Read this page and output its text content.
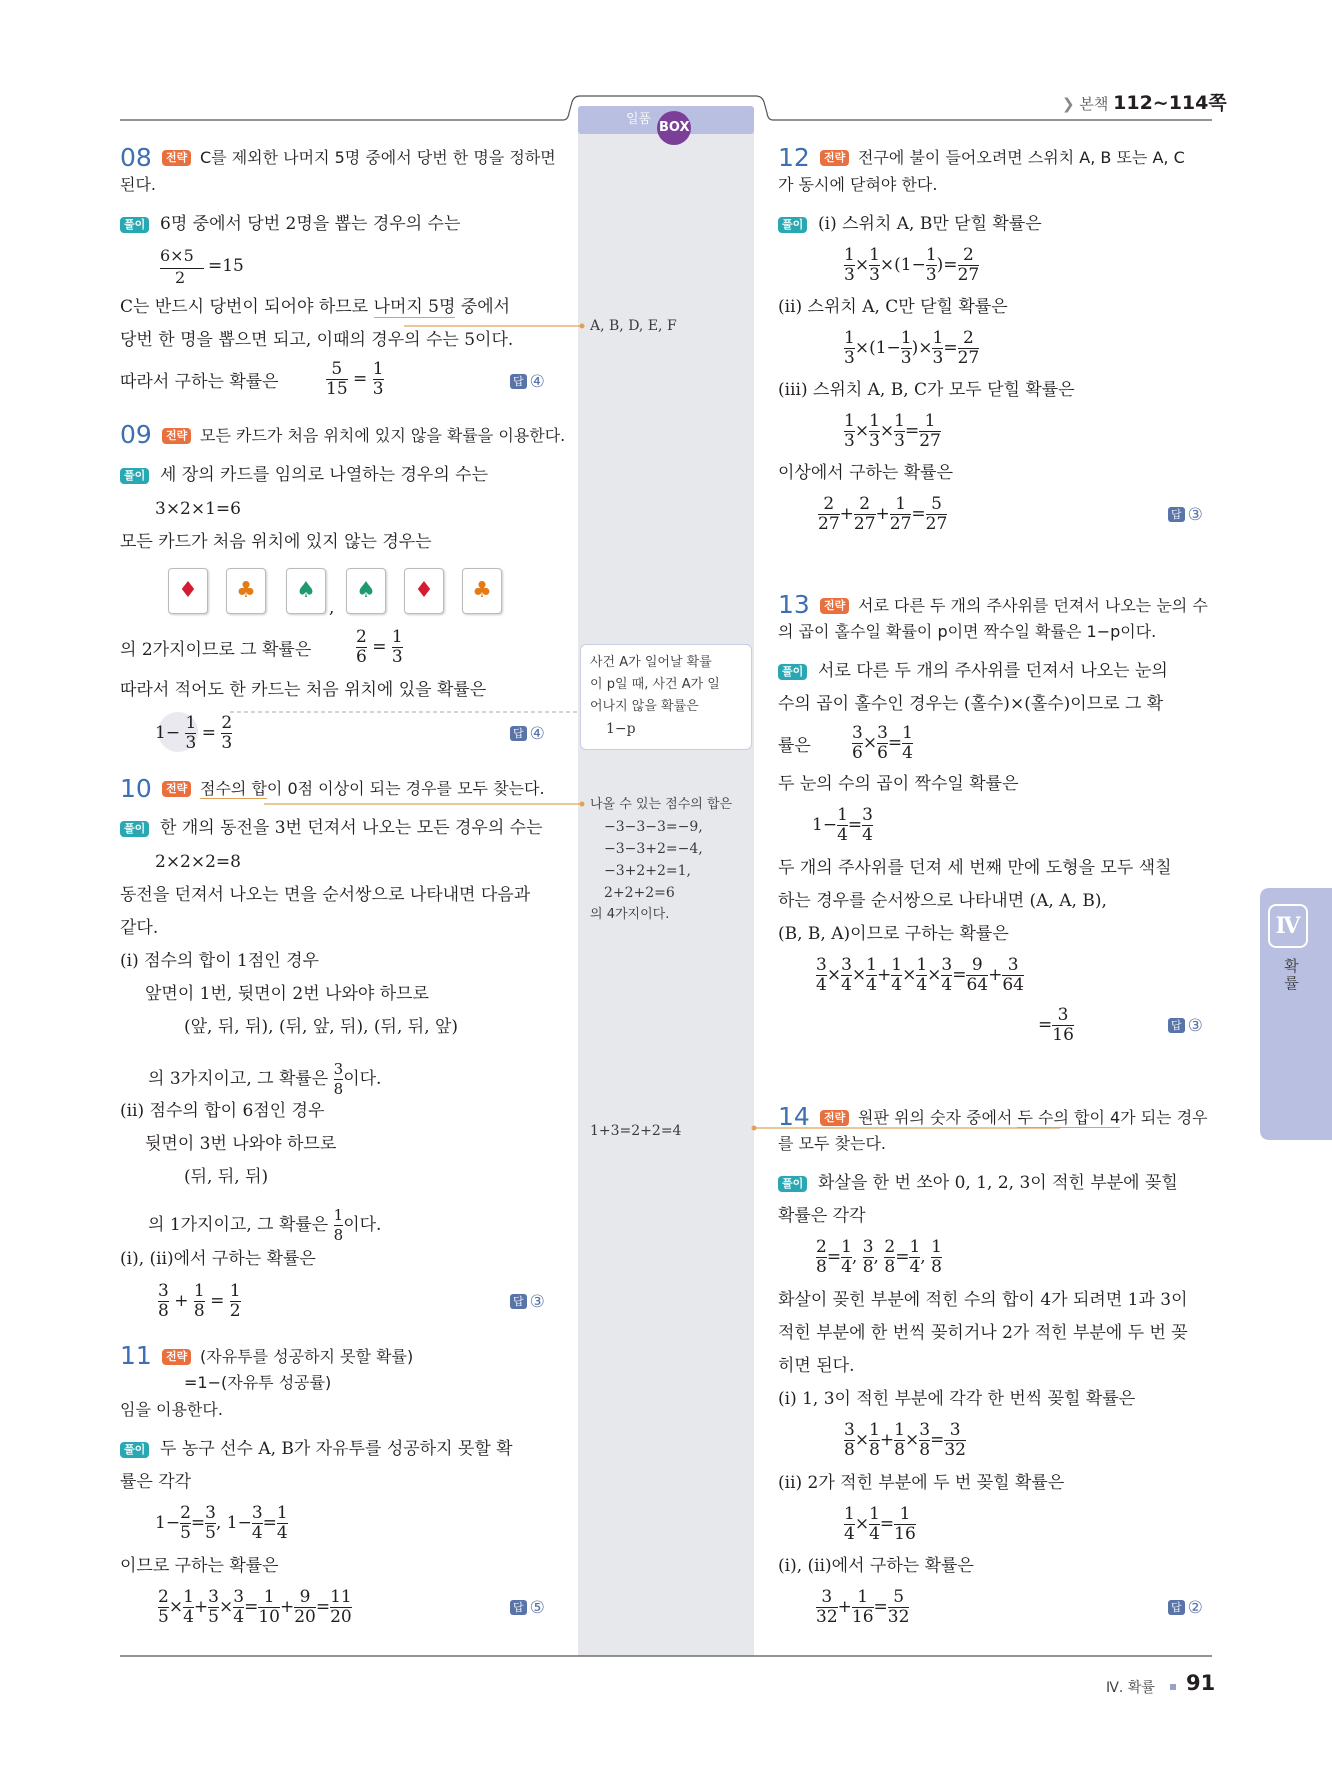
❯ 본책 112~114쪽
일품 BOX
08	전략 C를 제외한 나머지 5명 중에서 당번 한 명을 정하면
된다.
풀이 6명 중에서 당번 2명을 뽑는 경우의 수는
6×5
2
=15
C는 반드시 당번이 되어야 하므로 나머지 5명 중에서
당번 한 명을 뽑으면 되고, 이때의 경우의 수는 5이다.
따라서 구하는 확률은	$\frac{5}{15} = \frac{1}{3}$	답 ④
09	전략 모든 카드가 처음 위치에 있지 않을 확률을 이용한다.
풀이 세 장의 카드를 임의로 나열하는 경우의 수는
3×2×1=6
모든 카드가 처음 위치에 있지 않는 경우는
♦	♣	♠
,
♠	♦	♣
의 2가지이므로 그 확률은	$\frac{2}{6} = \frac{1}{3}$
따라서 적어도 한 카드는 처음 위치에 있을 확률은
$1- \frac{1}{3} = \frac{2}{3}$	답 ④
10	전략 점수의 합이 0점 이상이 되는 경우를 모두 찾는다.
풀이 한 개의 동전을 3번 던져서 나오는 모든 경우의 수는
2×2×2=8
동전을 던져서 나오는 면을 순서쌍으로 나타내면 다음과
같다.
(ⅰ) 점수의 합이 1점인 경우
앞면이 1번, 뒷면이 2번 나와야 하므로
(앞, 뒤, 뒤), (뒤, 앞, 뒤), (뒤, 뒤, 앞)
의 3가지이고, 그 확률은 $\frac{3}{8}$ 이다.
(ⅱ) 점수의 합이 6점인 경우
뒷면이 3번 나와야 하므로
(뒤, 뒤, 뒤)
의 1가지이고, 그 확률은 $\frac{1}{8}$ 이다.
(ⅰ), (ⅱ)에서 구하는 확률은
$\frac{3}{8} + \frac{1}{8} = \frac{1}{2}$	답 ③
11	전략 (자유투를 성공하지 못할 확률)
=1−(자유투 성공률)
임을 이용한다.
풀이 두 농구 선수 A, B가 자유투를 성공하지 못할 확
률은 각각
$1- \frac{2}{5} = \frac{3}{5}$ , $1- \frac{3}{4} = \frac{1}{4}$
이므로 구하는 확률은
$\frac{2}{5} \times \frac{1}{4} + \frac{3}{5} \times \frac{3}{4} = \frac{1}{10} + \frac{9}{20} = \frac{11}{20}$	답 ⑤
A, B, D, E, F
사건 A가 일어날 확률
이 p일 때, 사건 A가 일
어나지 않을 확률은
1−p
나올 수 있는 점수의 합은
−3−3−3=−9,
−3−3+2=−4,
−3+2+2=1,
2+2+2=6
의 4가지이다.
1+3=2+2=4
12	전략 전구에 불이 들어오려면 스위치 A, B 또는 A, C
가 동시에 닫혀야 한다.
풀이 (ⅰ) 스위치 A, B만 닫힐 확률은
$\frac{1}{3} \times \frac{1}{3} \times(1- \frac{1}{3}$ )= $\frac{2}{27}$
(ⅱ) 스위치 A, C만 닫힐 확률은
$\frac{1}{3} \times(1- \frac{1}{3}$ )× $\frac{1}{3} = \frac{2}{27}$
(ⅲ) 스위치 A, B, C가 모두 닫힐 확률은
$\frac{1}{3} \times \frac{1}{3} \times \frac{1}{3} = \frac{1}{27}$
이상에서 구하는 확률은
$\frac{2}{27} + \frac{2}{27} + \frac{1}{27} = \frac{5}{27}$	답 ③
13	전략 서로 다른 두 개의 주사위를 던져서 나오는 눈의 수
의 곱이 홀수일 확률이 p이면 짝수일 확률은 1−p이다.
풀이 서로 다른 두 개의 주사위를 던져서 나오는 눈의
수의 곱이 홀수인 경우는 (홀수)×(홀수)이므로 그 확
률은 $\frac{3}{6} \times \frac{3}{6} = \frac{1}{4}$
두 눈의 수의 곱이 짝수일 확률은
$1- \frac{1}{4} = \frac{3}{4}$
두 개의 주사위를 던져 세 번째 만에 도형을 모두 색칠
하는 경우를 순서쌍으로 나타내면 (A, A, B),
(B, B, A)이므로 구하는 확률은
$\frac{3}{4} \times \frac{3}{4} \times \frac{1}{4} + \frac{1}{4} \times \frac{1}{4} \times \frac{3}{4} = \frac{9}{64} + \frac{3}{64}$
= $\frac{3}{16}$	답 ③
14	전략 원판 위의 숫자 중에서 두 수의 합이 4가 되는 경우
를 모두 찾는다.
풀이 화살을 한 번 쏘아 0, 1, 2, 3이 적힌 부분에 꽂힐
확률은 각각
$\frac{2}{8} = \frac{1}{4}$ , $\frac{3}{8}$ , $\frac{2}{8} = \frac{1}{4}$ , $\frac{1}{8}$
화살이 꽂힌 부분에 적힌 수의 합이 4가 되려면 1과 3이
적힌 부분에 한 번씩 꽂히거나 2가 적힌 부분에 두 번 꽂
히면 된다.
(ⅰ) 1, 3이 적힌 부분에 각각 한 번씩 꽂힐 확률은
$\frac{3}{8} \times \frac{1}{8} + \frac{1}{8} \times \frac{3}{8} = \frac{3}{32}$
(ⅱ) 2가 적힌 부분에 두 번 꽂힐 확률은
$\frac{1}{4} \times \frac{1}{4} = \frac{1}{16}$
(ⅰ), (ⅱ)에서 구하는 확률은
$\frac{3}{32} + \frac{1}{16} = \frac{5}{32}$	답 ②
Ⅳ
확률
Ⅳ. 확률 91
